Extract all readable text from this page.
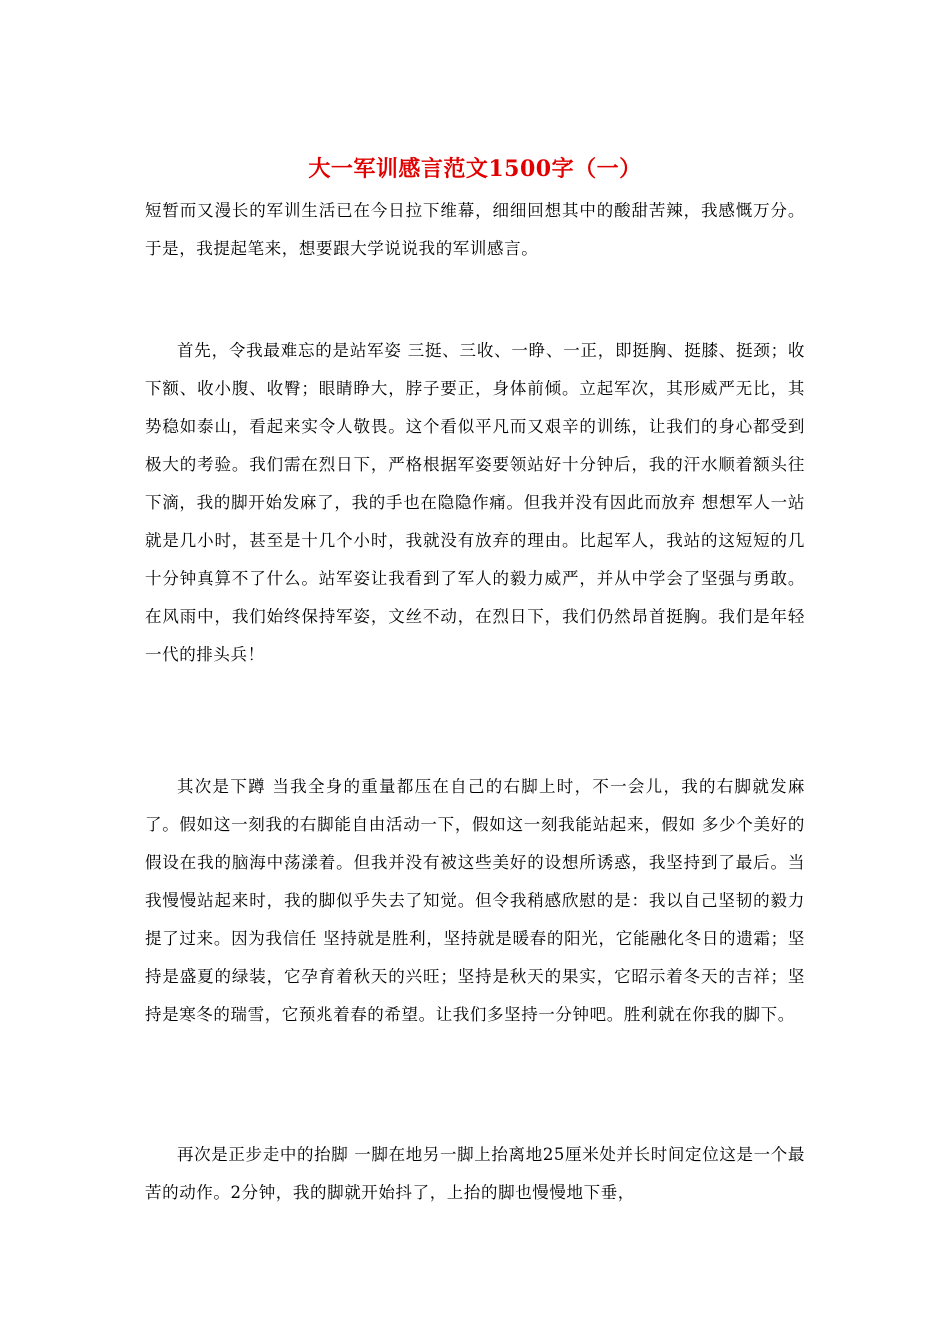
大一军训感言范文1500字（一）

短暂而又漫长的军训生活已在今日拉下维幕，细细回想其中的酸甜苦辣，我感慨万分。于是，我提起笔来，想要跟大学说说我的军训感言。

首先，令我最难忘的是站军姿 三挺、三收、一睁、一正，即挺胸、挺膝、挺颈；收下额、收小腹、收臀；眼睛睁大，脖子要正，身体前倾。立起军次，其形威严无比，其势稳如泰山，看起来实令人敬畏。这个看似平凡而又艰辛的训练，让我们的身心都受到极大的考验。我们需在烈日下，严格根据军姿要领站好十分钟后，我的汗水顺着额头往下滴，我的脚开始发麻了，我的手也在隐隐作痛。但我并没有因此而放弃 想想军人一站就是几小时，甚至是十几个小时，我就没有放弃的理由。比起军人，我站的这短短的几十分钟真算不了什么。站军姿让我看到了军人的毅力威严，并从中学会了坚强与勇敢。在风雨中，我们始终保持军姿，文丝不动，在烈日下，我们仍然昂首挺胸。我们是年轻一代的排头兵！

其次是下蹲 当我全身的重量都压在自己的右脚上时，不一会儿，我的右脚就发麻了。假如这一刻我的右脚能自由活动一下，假如这一刻我能站起来，假如 多少个美好的假设在我的脑海中荡漾着。但我并没有被这些美好的设想所诱惑，我坚持到了最后。当我慢慢站起来时，我的脚似乎失去了知觉。但令我稍感欣慰的是：我以自己坚韧的毅力提了过来。因为我信任 坚持就是胜利，坚持就是暖春的阳光，它能融化冬日的遗霜；坚持是盛夏的绿装，它孕育着秋天的兴旺；坚持是秋天的果实，它昭示着冬天的吉祥；坚持是寒冬的瑞雪，它预兆着春的希望。让我们多坚持一分钟吧。胜利就在你我的脚下。

再次是正步走中的抬脚 一脚在地另一脚上抬离地25厘米处并长时间定位这是一个最苦的动作。2分钟，我的脚就开始抖了，上抬的脚也慢慢地下垂，
